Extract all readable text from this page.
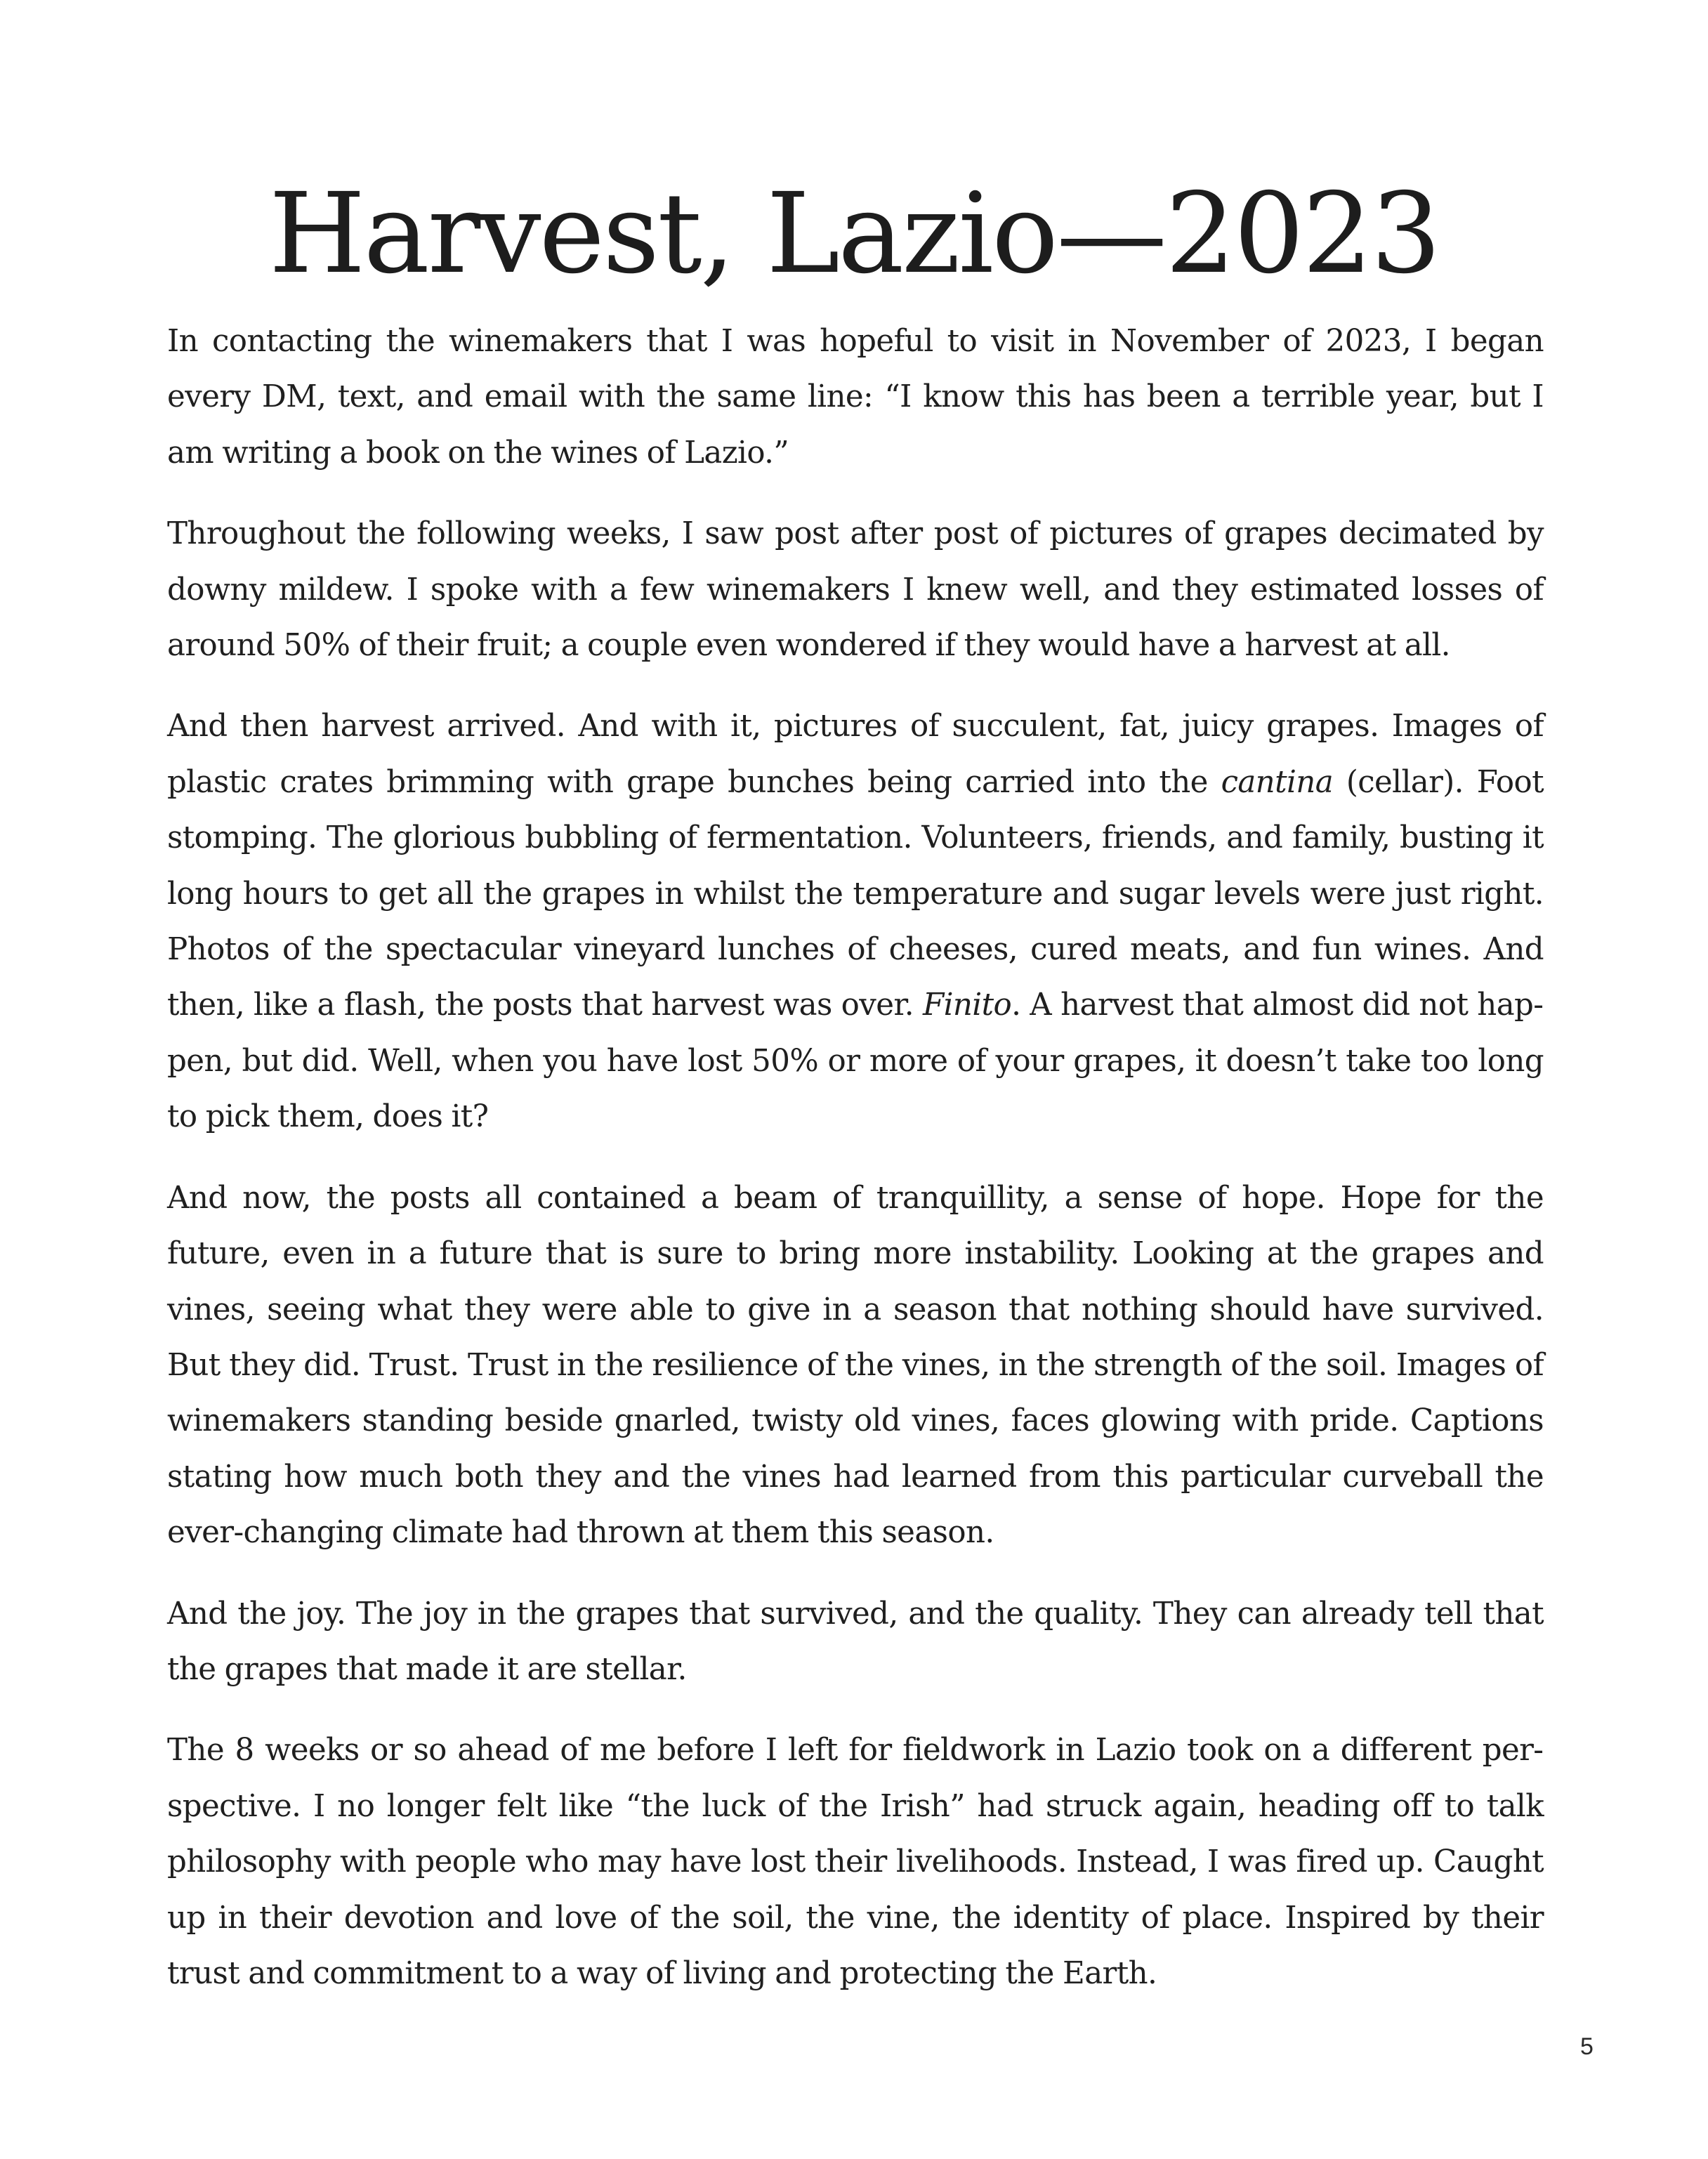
Harvest, Lazio—2023

In contacting the winemakers that I was hopeful to visit in November of 2023, I began every DM, text, and email with the same line: “I know this has been a terrible year, but I am writing a book on the wines of Lazio.”

Throughout the following weeks, I saw post after post of pictures of grapes decimated by downy mildew. I spoke with a few winemakers I knew well, and they estimated losses of around 50% of their fruit; a couple even wondered if they would have a harvest at all.

And then harvest arrived. And with it, pictures of succulent, fat, juicy grapes. Images of plastic crates brimming with grape bunches being carried into the cantina (cellar). Foot stomping. The glorious bubbling of fermentation. Volunteers, friends, and family, busting it long hours to get all the grapes in whilst the temperature and sugar levels were just right. Photos of the spectacular vineyard lunches of cheeses, cured meats, and fun wines. And then, like a flash, the posts that harvest was over. Finito. A harvest that almost did not happen, but did. Well, when you have lost 50% or more of your grapes, it doesn’t take too long to pick them, does it?

And now, the posts all contained a beam of tranquillity, a sense of hope. Hope for the future, even in a future that is sure to bring more instability. Looking at the grapes and vines, seeing what they were able to give in a season that nothing should have survived. But they did. Trust. Trust in the resilience of the vines, in the strength of the soil. Images of winemakers standing beside gnarled, twisty old vines, faces glowing with pride. Captions stating how much both they and the vines had learned from this particular curveball the ever-changing climate had thrown at them this season.

And the joy. The joy in the grapes that survived, and the quality. They can already tell that the grapes that made it are stellar.

The 8 weeks or so ahead of me before I left for fieldwork in Lazio took on a different perspective. I no longer felt like “the luck of the Irish” had struck again, heading off to talk philosophy with people who may have lost their livelihoods. Instead, I was fired up. Caught up in their devotion and love of the soil, the vine, the identity of place. Inspired by their trust and commitment to a way of living and protecting the Earth.

5
